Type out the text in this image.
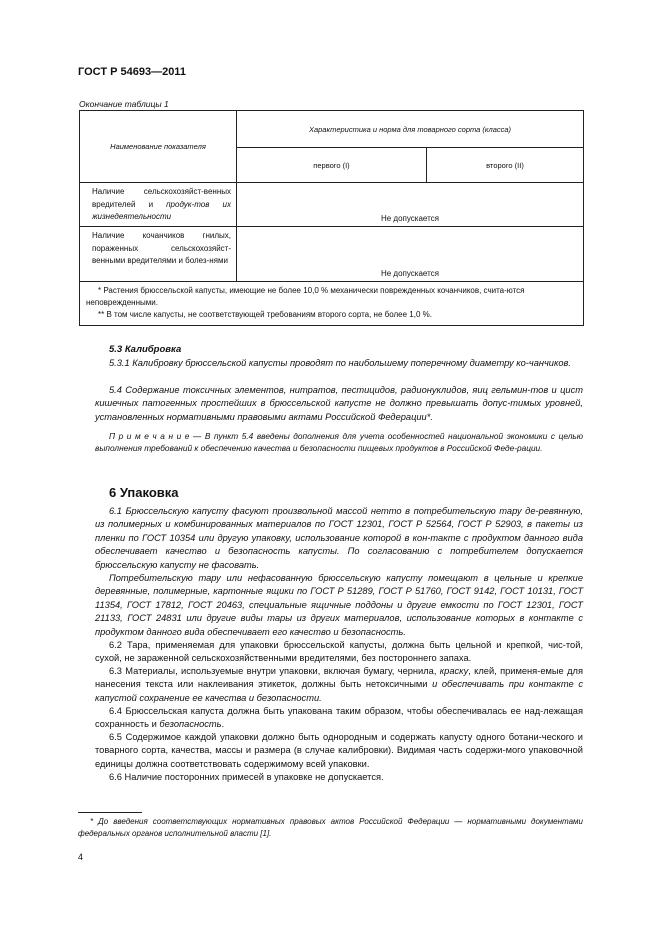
ГОСТ Р 54693—2011
Окончание таблицы 1
Наименование показателя	Характеристика и норма для товарного сорта (класса)	
	первого (I)	второго (II)
Наличие сельскохозяйст-венных вредителей и продук-тов их жизнедеятельности	Не допускается	
Наличие кочанчиков гнилых, пораженных сельскохозяйст-венными вредителями и болез-нями	Не допускается	

* Растения брюссельской капусты, имеющие не более 10,0 % механически поврежденных кочанчиков, счита-ются неповрежденными.
** В том числе капусты, не соответствующей требованиям второго сорта, не более 1,0 %.		
5.3 Калибровка
5.3.1 Калибровку брюссельской капусты проводят по наибольшему поперечному диаметру ко-чанчиков.
5.4 Содержание токсичных элементов, нитратов, пестицидов, радионуклидов, яиц гельмин-тов и цист кишечных патогенных простейших в брюссельской капусте не должно превышать допус-тимых уровней, установленных нормативными правовыми актами Российской Федерации*.
П р и м е ч а н и е — В пункт 5.4 введены дополнения для учета особенностей национальной экономики с целью выполнения требований к обеспечению качества и безопасности пищевых продуктов в Российской Феде-рации.
6 Упаковка
6.1 Брюссельскую капусту фасуют произвольной массой нетто в потребительскую тару де-ревянную, из полимерных и комбинированных материалов по ГОСТ 12301, ГОСТ Р 52564, ГОСТ Р 52903, в пакеты из пленки по ГОСТ 10354 или другую упаковку, использование которой в кон-такте с продуктом данного вида обеспечивает качество и безопасность капусты. По согласованию с потребителем допускается брюссельскую капусту не фасовать.
Потребительскую тару или нефасованную брюссельскую капусту помещают в цельные и крепкие деревянные, полимерные, картонные ящики по ГОСТ Р 51289, ГОСТ Р 51760, ГОСТ 9142, ГОСТ 10131, ГОСТ 11354, ГОСТ 17812, ГОСТ 20463, специальные ящичные поддоны и другие емкости по ГОСТ 12301, ГОСТ 21133, ГОСТ 24831 или другие виды тары из других материалов, использование которых в контакте с продуктом данного вида обеспечивает его качество и безопасность.
6.2 Тара, применяемая для упаковки брюссельской капусты, должна быть цельной и крепкой, чис-той, сухой, не зараженной сельскохозяйственными вредителями, без постороннего запаха.
6.3 Материалы, используемые внутри упаковки, включая бумагу, чернила, краску, клей, применя-емые для нанесения текста или наклеивания этикеток, должны быть нетоксичными и обеспечивать при контакте с капустой сохранение ее качества и безопасности.
6.4 Брюссельская капуста должна быть упакована таким образом, чтобы обеспечивалась ее над-лежащая сохранность и безопасность.
6.5 Содержимое каждой упаковки должно быть однородным и содержать капусту одного ботани-ческого и товарного сорта, качества, массы и размера (в случае калибровки). Видимая часть содержи-мого упаковочной единицы должна соответствовать содержимому всей упаковки.
6.6 Наличие посторонних примесей в упаковке не допускается.
* До введения соответствующих нормативных правовых актов Российской Федерации — нормативными документами федеральных органов исполнительной власти [1].
4
